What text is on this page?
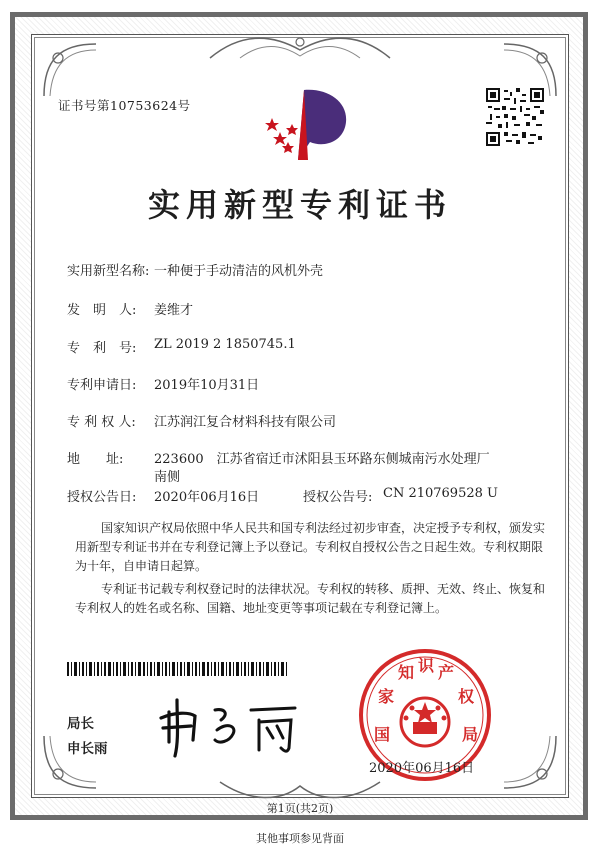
证书号第10753624号
实用新型专利证书
实用新型名称: 一种便于手动清洁的风机外壳
发　明　人: 姜维才
专　利　号: ZL 2019 2 1850745.1
专利申请日: 2019年10月31日
专 利 权 人: 江苏润江复合材料科技有限公司
地　　址: 223600　江苏省宿迁市沭阳县玉环路东侧城南污水处理厂
南侧
授权公告日: 2020年06月16日	授权公告号: CN 210769528 U
国家知识产权局依照中华人民共和国专利法经过初步审查，决定授予专利权，颁发实用新型专利证书并在专利登记簿上予以登记。专利权自授权公告之日起生效。专利权期限为十年，自申请日起算。
专利证书记载专利权登记时的法律状况。专利权的转移、质押、无效、终止、恢复和专利权人的姓名或名称、国籍、地址变更等事项记载在专利登记簿上。
局长
申长雨
国
家
知 识 产
权
局
2020年06月16日
第1页(共2页)
其他事项参见背面
